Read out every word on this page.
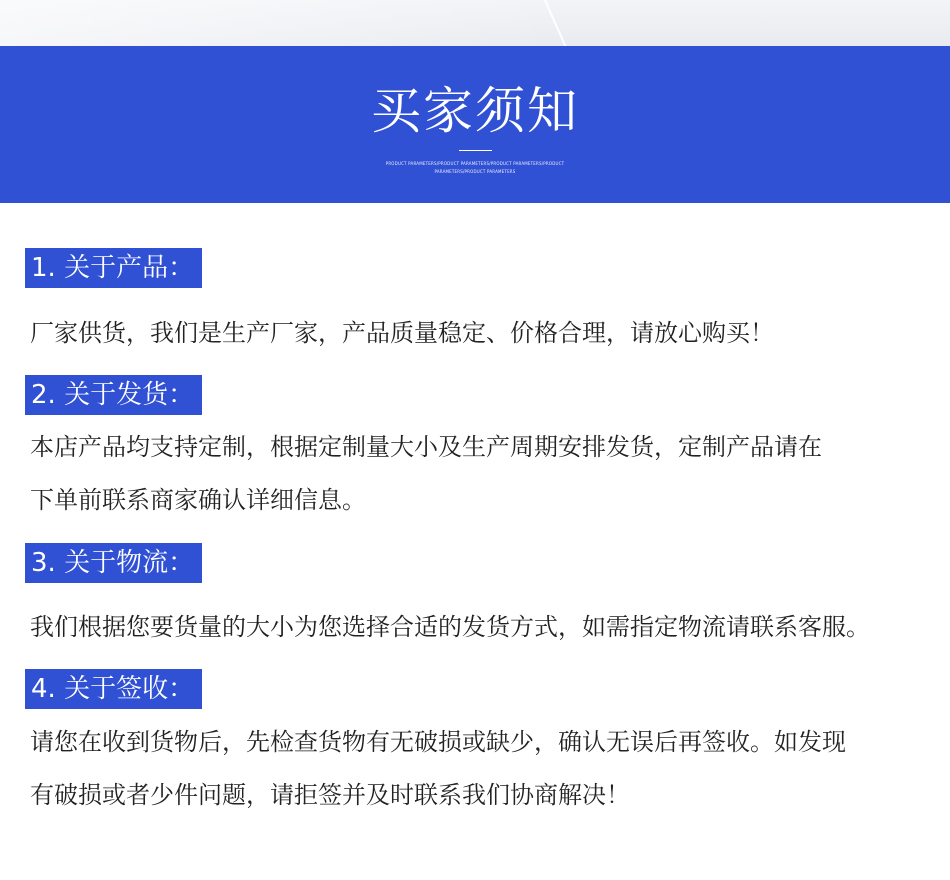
买家须知
PRODUCT PARAMETERS/PRODUCT PARAMETERS/PRODUCT PARAMETERS/PRODUCT PARAMETERS/PRODUCT PARAMETERS
1. 关于产品：
厂家供货，我们是生产厂家，产品质量稳定、价格合理，请放心购买！
2. 关于发货：
本店产品均支持定制，根据定制量大小及生产周期安排发货，定制产品请在
下单前联系商家确认详细信息。
3. 关于物流：
我们根据您要货量的大小为您选择合适的发货方式，如需指定物流请联系客服。
4. 关于签收：
请您在收到货物后，先检查货物有无破损或缺少，确认无误后再签收。如发现
有破损或者少件问题，请拒签并及时联系我们协商解决！
